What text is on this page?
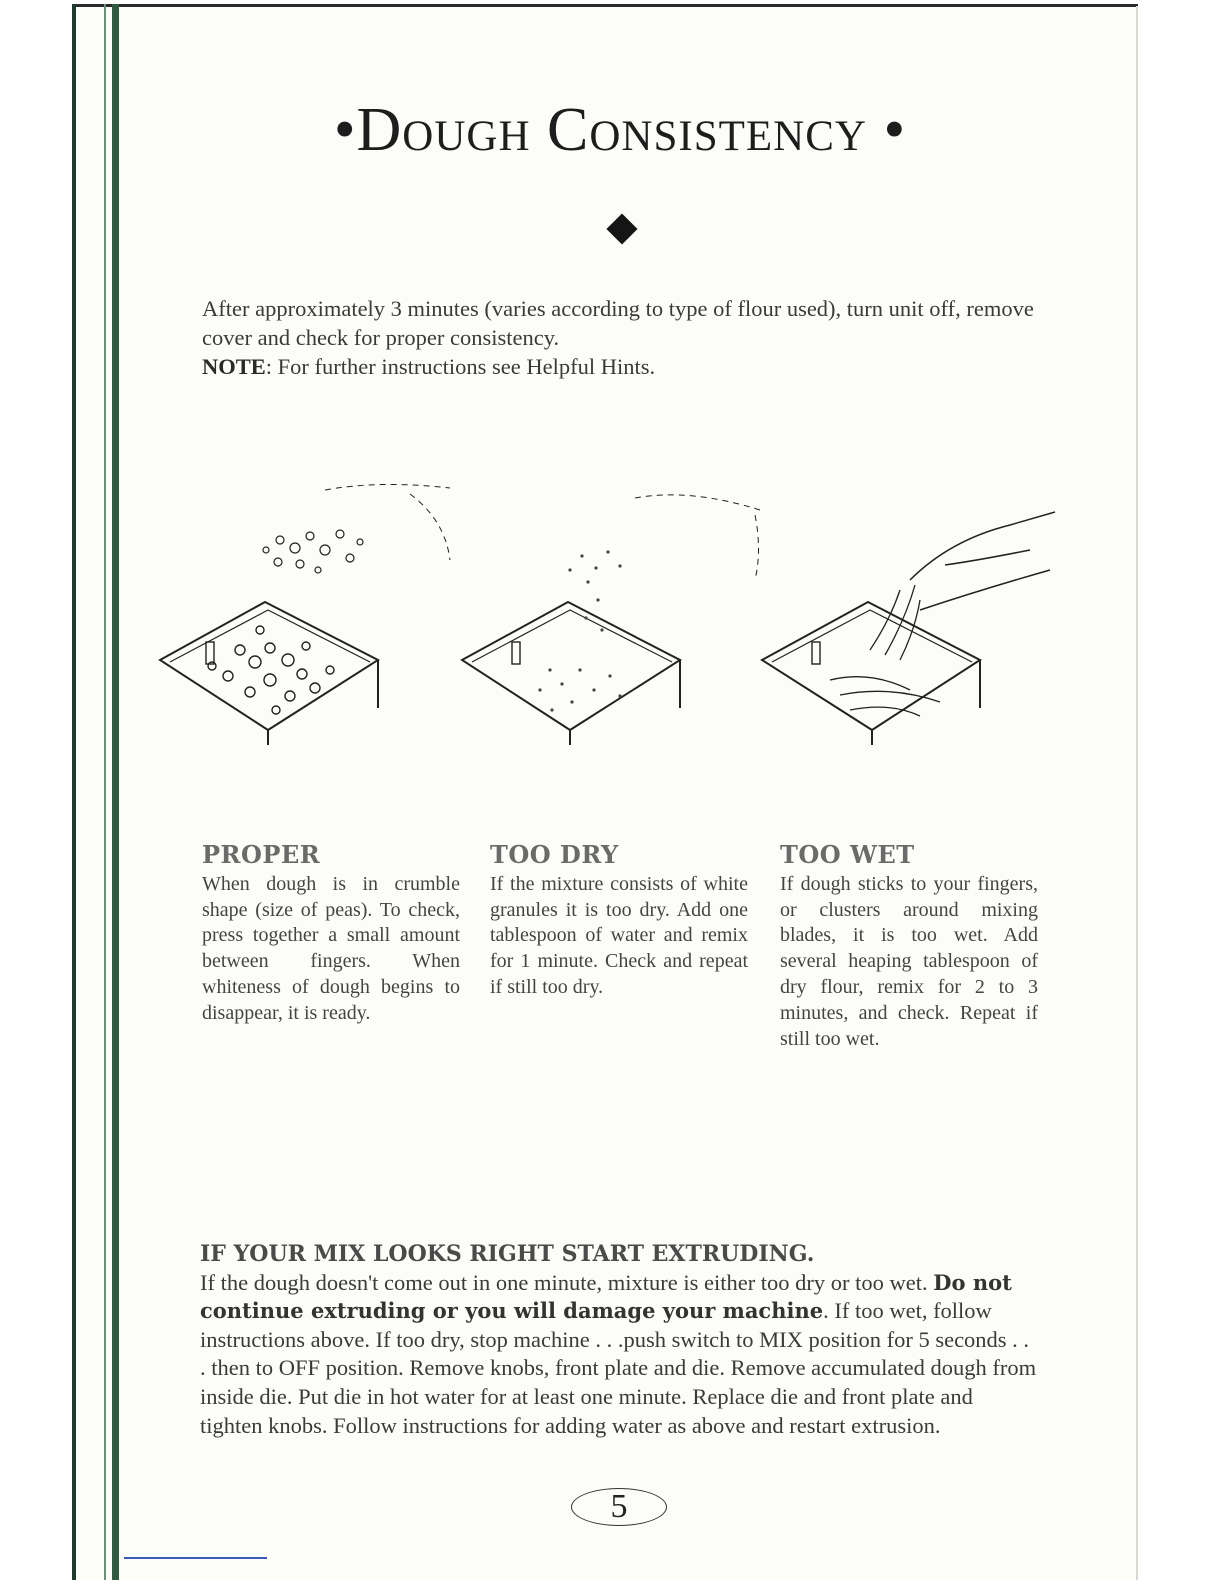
•Dough Consistency •

After approximately 3 minutes (varies according to type of flour used), turn unit off, remove cover and check for proper consistency.

NOTE: For further instructions see Helpful Hints.

PROPER

When dough is in crumble shape (size of peas). To check, press together a small amount between fingers. When whiteness of dough begins to disappear, it is ready.

TOO DRY

If the mixture consists of white granules it is too dry. Add one tablespoon of water and remix for 1 minute. Check and repeat if still too dry.

TOO WET

If dough sticks to your fingers, or clusters around mixing blades, it is too wet. Add several heaping tablespoon of dry flour, remix for 2 to 3 minutes, and check. Repeat if still too wet.

IF YOUR MIX LOOKS RIGHT START EXTRUDING.

If the dough doesn't come out in one minute, mixture is either too dry or too wet. Do not continue extruding or you will damage your machine. If too wet, follow instructions above. If too dry, stop machine . . .push switch to MIX position for 5 seconds . . . then to OFF position. Remove knobs, front plate and die. Remove accumulated dough from inside die. Put die in hot water for at least one minute. Replace die and front plate and tighten knobs. Follow instructions for adding water as above and restart extrusion.

5
